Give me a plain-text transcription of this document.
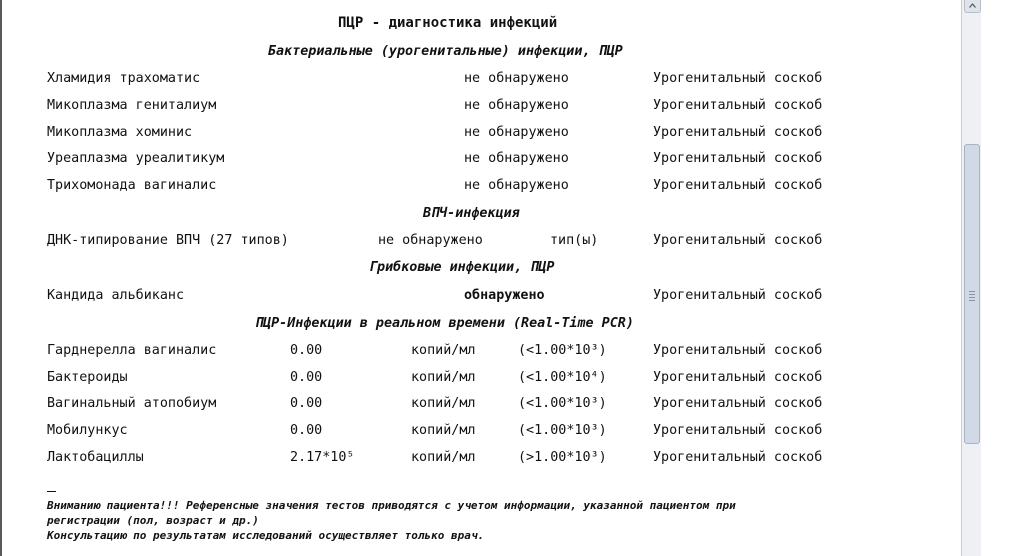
ПЦР - диагностика инфекций
Бактериальные (урогенитальные) инфекции, ПЦР
Хламидия трахоматис	не обнаружено	Урогенитальный соскоб
Микоплазма гениталиум	не обнаружено	Урогенитальный соскоб
Микоплазма хоминис	не обнаружено	Урогенитальный соскоб
Уреаплазма уреалитикум	не обнаружено	Урогенитальный соскоб
Трихомонада вагиналис	не обнаружено	Урогенитальный соскоб
ВПЧ-инфекция
ДНК-типирование ВПЧ (27 типов)	не обнаружено	тип(ы)	Урогенитальный соскоб
Грибковые инфекции, ПЦР
Кандида альбиканс	обнаружено	Урогенитальный соскоб
ПЦР-Инфекции в реальном времени (Real-Time PCR)
Гарднерелла вагиналис	0.00	копий/мл	(<1.00*10³)	Урогенитальный соскоб
Бактероиды	0.00	копий/мл	(<1.00*10⁴)	Урогенитальный соскоб
Вагинальный атопобиум	0.00	копий/мл	(<1.00*10³)	Урогенитальный соскоб
Мобилункус	0.00	копий/мл	(<1.00*10³)	Урогенитальный соскоб
Лактобациллы	2.17*10⁵	копий/мл	(>1.00*10³)	Урогенитальный соскоб
Вниманию пациента!!! Референсные значения тестов приводятся с учетом информации, указанной пациентом при
регистрации (пол, возраст и др.)
Консультацию по результатам исследований осуществляет только врач.
